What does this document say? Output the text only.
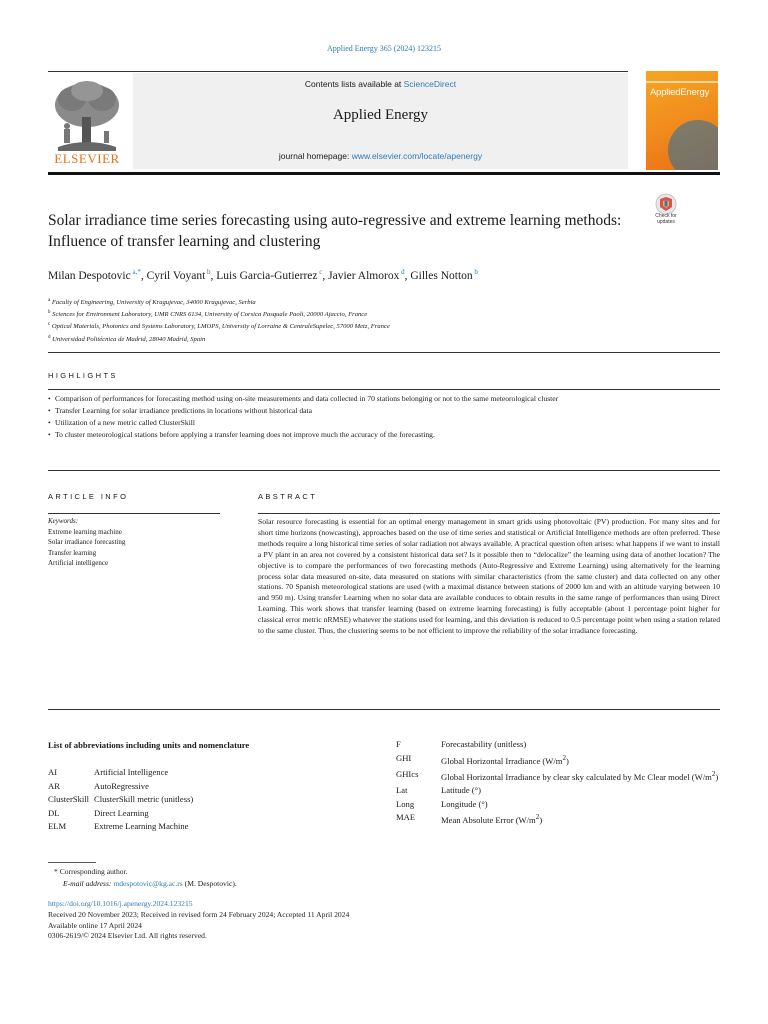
Applied Energy 365 (2024) 123215
ELSEVIER
Contents lists available at ScienceDirect
Applied Energy
journal homepage: www.elsevier.com/locate/apenergy
AppliedEnergy
Solar irradiance time series forecasting using auto-regressive and extreme learning methods: Influence of transfer learning and clustering
Check for
updates
Milan Despotovic $^{a,*}$, Cyril Voyant $^b$, Luis Garcia-Gutierrez $^c$, Javier Almorox $^d$, Gilles Notton $^b$
$^a$ Faculty of Engineering, University of Kragujevac, 34000 Kragujevac, Serbia
$^b$ Sciences for Environment Laboratory, UMR CNRS 6134, University of Corsica Pasquale Paoli, 20000 Ajaccio, France
$^c$ Optical Materials, Photonics and Systems Laboratory, LMOPS, University of Lorraine & CentraleSupelec, 57000 Metz, France
$^d$ Universidad Politécnica de Madrid, 28040 Madrid, Spain
HIGHLIGHTS
• Comparison of performances for forecasting method using on-site measurements and data collected in 70 stations belonging or not to the same meteorological cluster
• Transfer Learning for solar irradiance predictions in locations without historical data
• Utilization of a new metric called ClusterSkill
• To cluster meteorological stations before applying a transfer learning does not improve much the accuracy of the forecasting.
ARTICLE INFO	ABSTRACT
Keywords:
Extreme learning machine
Solar irradiance forecasting
Transfer learning
Artificial intelligence
Solar resource forecasting is essential for an optimal energy management in smart grids using photovoltaic (PV) production. For many sites and for short time horizons (nowcasting), approaches based on the use of time series and statistical or Artificial Intelligence methods are often preferred. These methods require a long historical time series of solar radiation not always available. A practical question often arises: what happens if we want to install a PV plant in an area not covered by a consistent historical data set? Is it possible then to “delocalize” the learning using data of another location? The objective is to compare the performances of two forecasting methods (Auto-Regressive and Extreme Learning) using alternatively for the learning process solar data measured on-site, data measured on stations with similar characteristics (from the same cluster) and data collected on any other stations. 70 Spanish meteorological stations are used (with a maximal distance between stations of 2000 km and with an altitude varying between 10 and 950 m). Using transfer Learning when no solar data are available conduces to obtain results in the same range of performances than using Direct Learning. This work shows that transfer learning (based on extreme learning forecasting) is fully acceptable (about 1 percentage point higher for classical error metric nRMSE) whatever the stations used for learning, and this deviation is reduced to 0.5 percentage point when using a station related to the same cluster. Thus, the clustering seems to be not efficient to improve the reliability of the solar irradiance forecasting.
List of abbreviations including units and nomenclature
AI	Artificial Intelligence
AR	AutoRegressive
ClusterSkill ClusterSkill metric (unitless)
DL	Direct Learning
ELM	Extreme Learning Machine
F	Forecastability (unitless)
GHI	Global Horizontal Irradiance $(W/m^2)$
GHIcs	Global Horizontal Irradiance by clear sky calculated by Mc Clear model $(W/m^2)$
Lat	Latitude (°)
Long	Longitude (°)
MAE	Mean Absolute Error $(W/m^2)$
* Corresponding author.
E-mail address: mdespotovic@kg.ac.rs (M. Despotovic).
https://doi.org/10.1016/j.apenergy.2024.123215
Received 20 November 2023; Received in revised form 24 February 2024; Accepted 11 April 2024
Available online 17 April 2024
0306-2619/© 2024 Elsevier Ltd. All rights reserved.
